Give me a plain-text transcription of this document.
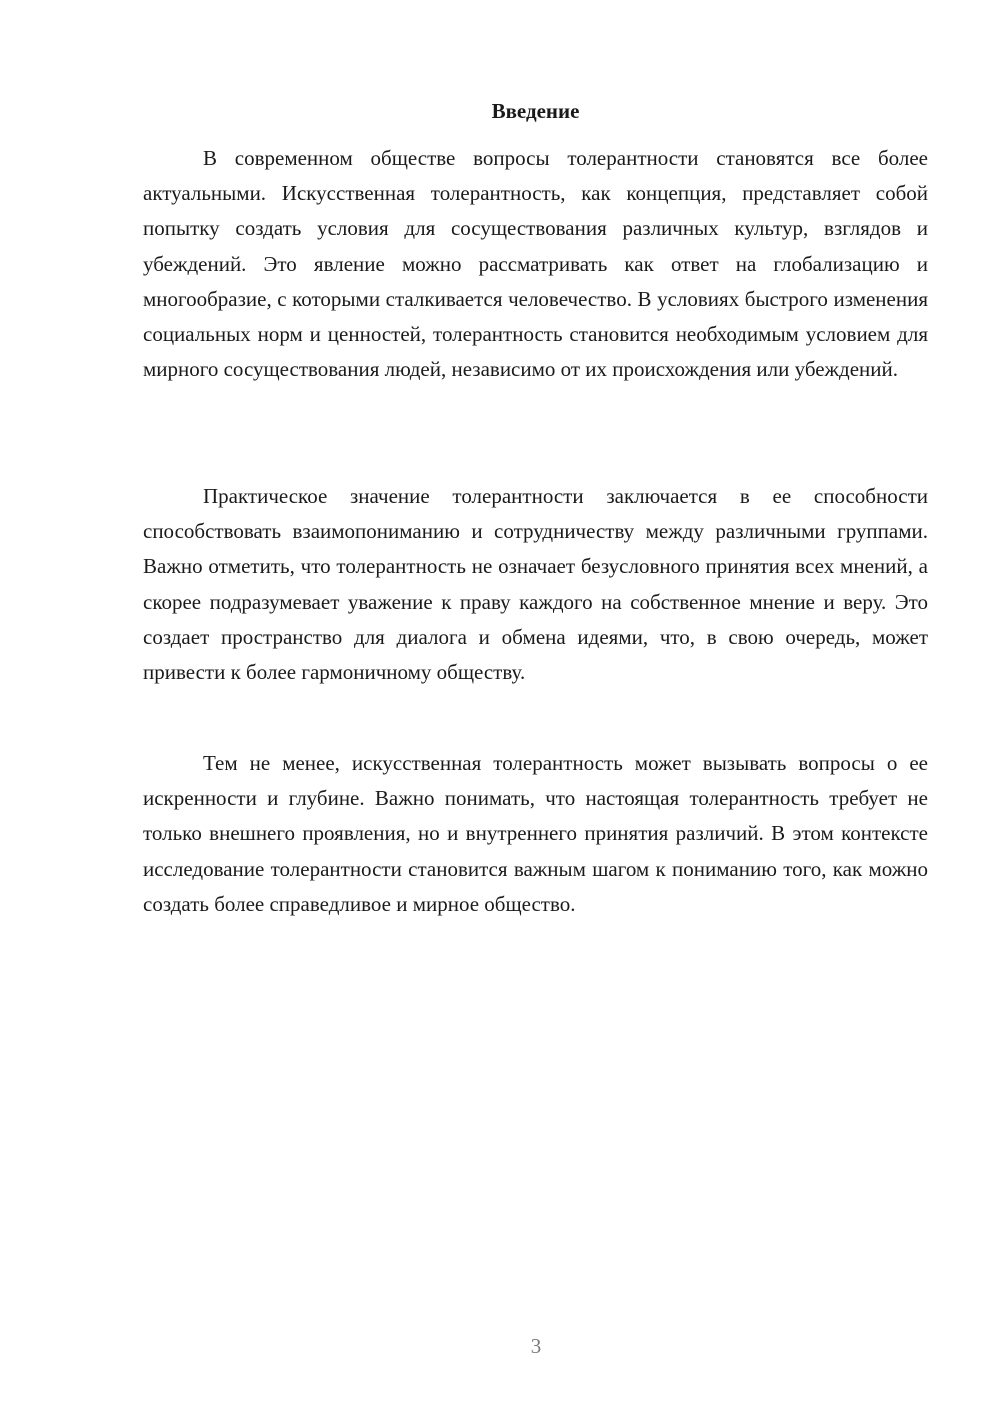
Введение

В современном обществе вопросы толерантности становятся все более актуальными. Искусственная толерантность, как концепция, представляет собой попытку создать условия для сосуществования различных культур, взглядов и убеждений. Это явление можно рассматривать как ответ на глобализацию и многообразие, с которыми сталкивается человечество. В условиях быстрого изменения социальных норм и ценностей, толерантность становится необходимым условием для мирного сосуществования людей, независимо от их происхождения или убеждений.

Практическое значение толерантности заключается в ее способности способствовать взаимопониманию и сотрудничеству между различными группами. Важно отметить, что толерантность не означает безусловного принятия всех мнений, а скорее подразумевает уважение к праву каждого на собственное мнение и веру. Это создает пространство для диалога и обмена идеями, что, в свою очередь, может привести к более гармоничному обществу.

Тем не менее, искусственная толерантность может вызывать вопросы о ее искренности и глубине. Важно понимать, что настоящая толерантность требует не только внешнего проявления, но и внутреннего принятия различий. В этом контексте исследование толерантности становится важным шагом к пониманию того, как можно создать более справедливое и мирное общество.

3
